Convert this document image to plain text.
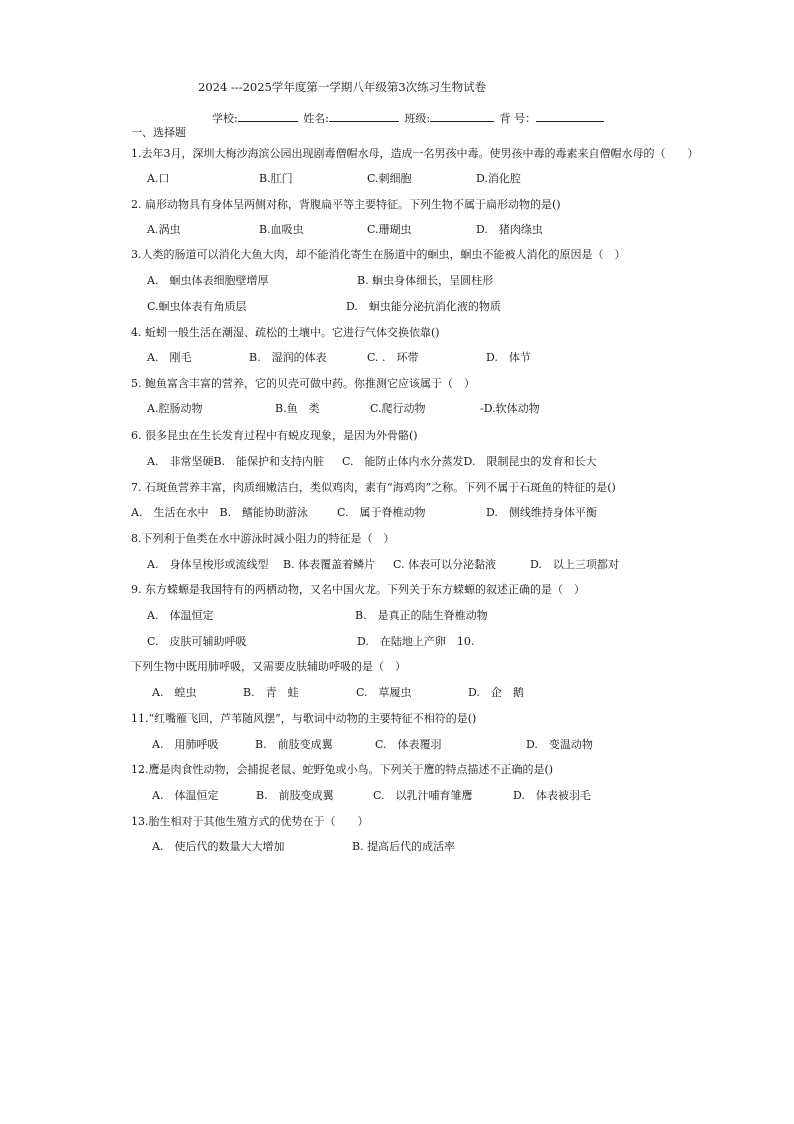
2024 ---2025学年度第一学期八年级第3次练习生物试卷
学校:	姓名:	班级:	背 号：
一、选择题
1.去年3月，深圳大梅沙海滨公园出现剧毒僧帽水母，造成一名男孩中毒。使男孩中毒的毒素来自僧帽水母的（　　）
A.口	B.肛门	C.刺细胞	D.消化腔
2. 扁形动物具有身体呈两侧对称，背腹扁平等主要特征。下列生物不属于扁形动物的是()
A.涡虫	B.血吸虫	C.珊瑚虫	D.　猪肉绦虫
3.人类的肠道可以消化大鱼大肉，却不能消化寄生在肠道中的蛔虫，蛔虫不能被人消化的原因是（　）
A.　蛔虫体表细胞壁增厚	B. 蛔虫身体细长，呈圆柱形
C.蛔虫体表有角质层	D.　蛔虫能分泌抗消化液的物质
4. 蚯蚓一般生活在潮湿、疏松的土壤中。它进行气体交换依靠()
A.　刚毛	B.　湿润的体表	C. .　环带	D.　体节
5. 鲍鱼富含丰富的营养，它的贝壳可做中药。你推测它应该属于（　）
A.腔肠动物	B.鱼　类	C.爬行动物	-D.软体动物
6. 很多昆虫在生长发育过程中有蜕皮现象，是因为外骨骼()
A.　非常坚硬B.　能保护和支持内脏 C.　能防止体内水分蒸发D.　限制昆虫的发育和长大
7. 石斑鱼营养丰富，肉质细嫩洁白，类似鸡肉，素有“海鸡肉”之称。下列不属于石斑鱼的特征的是()
A.　生活在水中　B.　鳍能协助游泳	C.　属于脊椎动物	D.　侧线维持身体平衡
8.下列利于鱼类在水中游泳时减小阻力的特征是（　）
A.　身体呈梭形或流线型 B. 体表覆盖着鳞片 C. 体表可以分泌黏液	D.　以上三项都对
9. 东方蝾螈是我国特有的两栖动物，又名中国火龙。下列关于东方蝾螈的叙述正确的是（　）
A.　体温恒定	B.　是真正的陆生脊椎动物
C.　皮肤可辅助呼吸	D.　在陆地上产卵　10.
下列生物中既用肺呼吸，又需要皮肤辅助呼吸的是（　）
A.　蝗虫	B.　青　蛙	C.　草履虫	D.　企　鹅
11.“红嘴雁飞回，芦苇随风摆”，与歌词中动物的主要特征不相符的是()
A.　用肺呼吸	B.　前肢变成翼	C.　体表覆羽	D.　变温动物
12.鹰是肉食性动物，会捕捉老鼠、蛇野兔或小鸟。下列关于鹰的特点描述不正确的是()
A.　体温恒定	B.　前肢变成翼	C.　以乳汁哺育雏鹰	D.　体表被羽毛
13.胎生相对于其他生殖方式的优势在于（　　）
A.　使后代的数量大大增加	B. 提高后代的成活率
